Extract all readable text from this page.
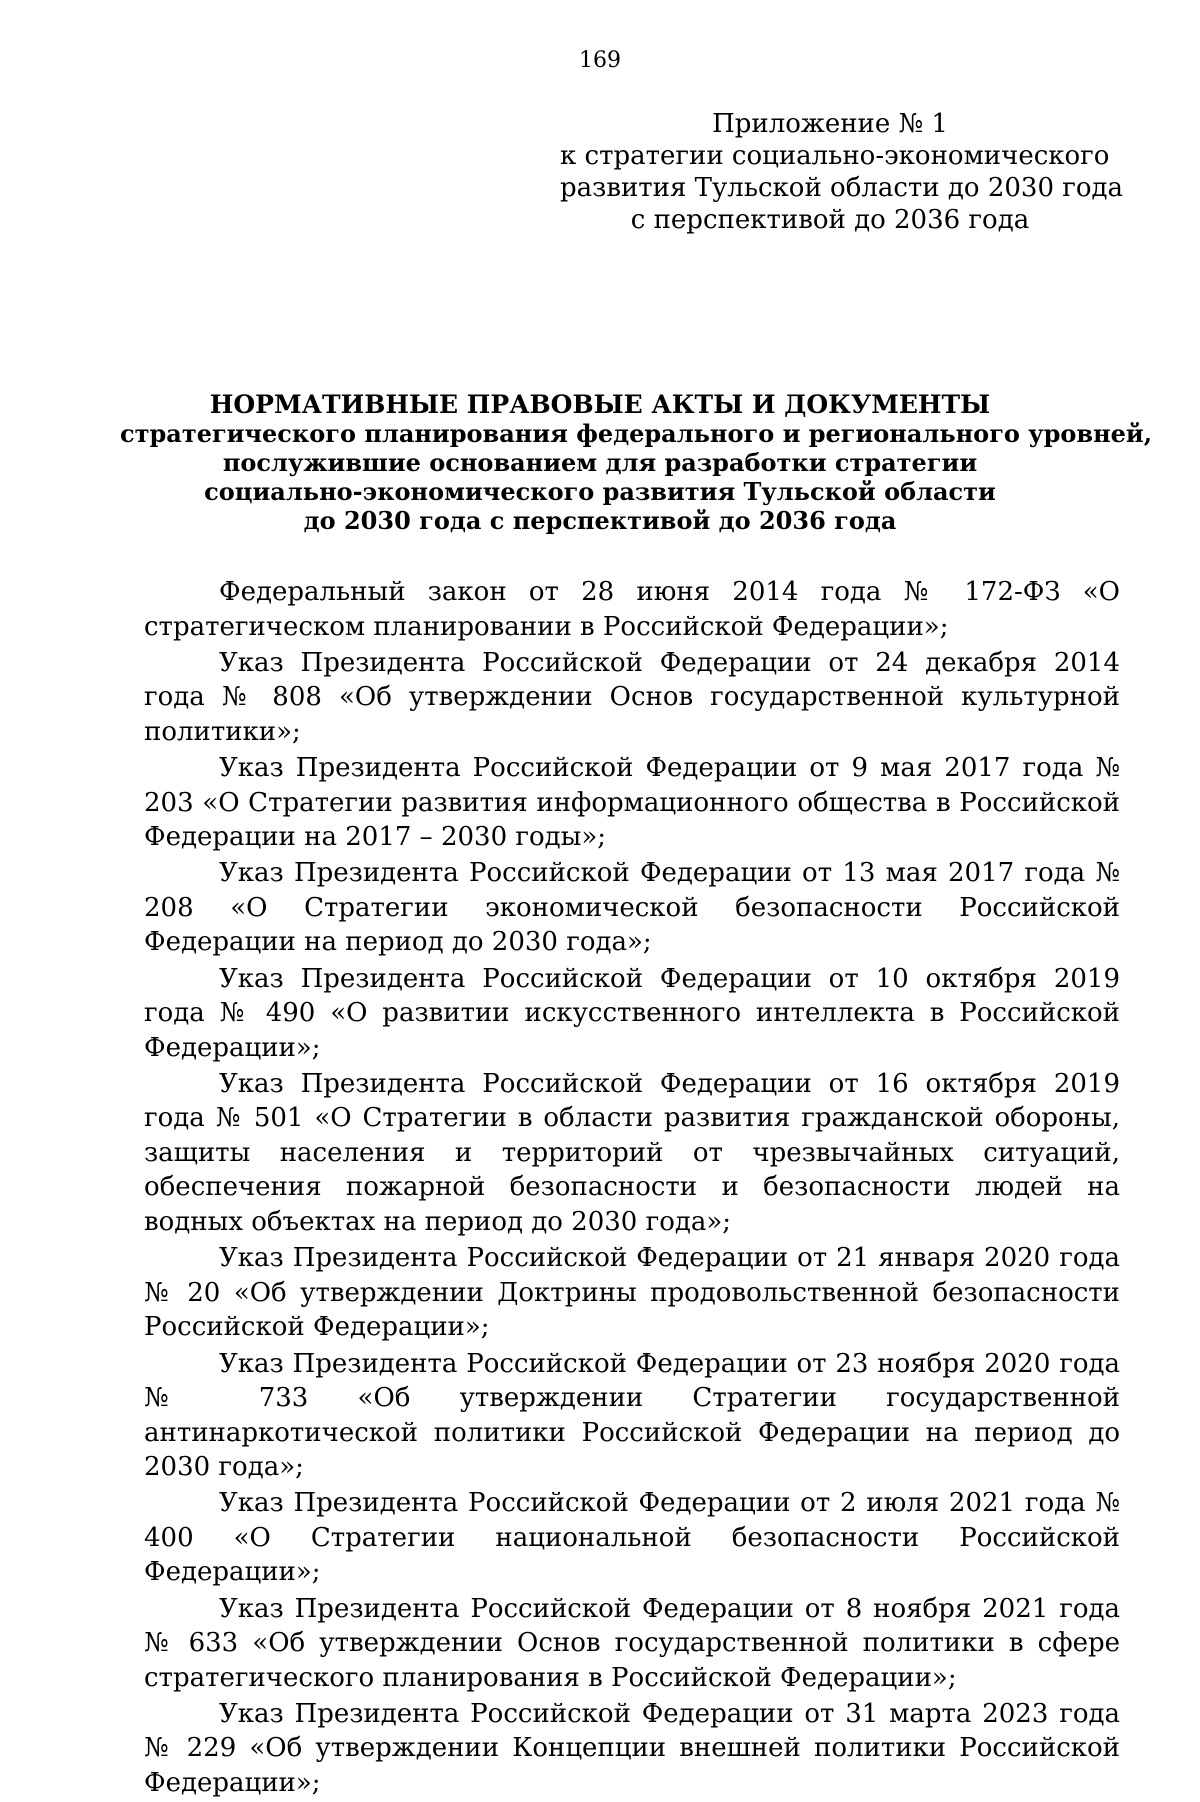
169
Приложение № 1
к стратегии социально-экономического
развития Тульской области до 2030 года
с перспективой до 2036 года
НОРМАТИВНЫЕ ПРАВОВЫЕ АКТЫ И ДОКУМЕНТЫ
стратегического планирования федерального и регионального уровней,
послужившие основанием для разработки стратегии
социально-экономического развития Тульской области
до 2030 года с перспективой до 2036 года

Федеральный закон от 28 июня 2014 года № 172-ФЗ «О стратегическом планировании в Российской Федерации»;

Указ Президента Российской Федерации от 24 декабря 2014 года № 808 «Об утверждении Основ государственной культурной политики»;

Указ Президента Российской Федерации от 9 мая 2017 года № 203 «О Стратегии развития информационного общества в Российской Федерации на 2017 – 2030 годы»;

Указ Президента Российской Федерации от 13 мая 2017 года № 208 «О Стратегии экономической безопасности Российской Федерации на период до 2030 года»;

Указ Президента Российской Федерации от 10 октября 2019 года № 490 «О развитии искусственного интеллекта в Российской Федерации»;

Указ Президента Российской Федерации от 16 октября 2019 года № 501 «О Стратегии в области развития гражданской обороны, защиты населения и территорий от чрезвычайных ситуаций, обеспечения пожарной безопасности и безопасности людей на водных объектах на период до 2030 года»;

Указ Президента Российской Федерации от 21 января 2020 года № 20 «Об утверждении Доктрины продовольственной безопасности Российской Федерации»;

Указ Президента Российской Федерации от 23 ноября 2020 года № 733 «Об утверждении Стратегии государственной антинаркотической политики Российской Федерации на период до 2030 года»;

Указ Президента Российской Федерации от 2 июля 2021 года № 400 «О Стратегии национальной безопасности Российской Федерации»;

Указ Президента Российской Федерации от 8 ноября 2021 года № 633 «Об утверждении Основ государственной политики в сфере стратегического планирования в Российской Федерации»;

Указ Президента Российской Федерации от 31 марта 2023 года № 229 «Об утверждении Концепции внешней политики Российской Федерации»;
